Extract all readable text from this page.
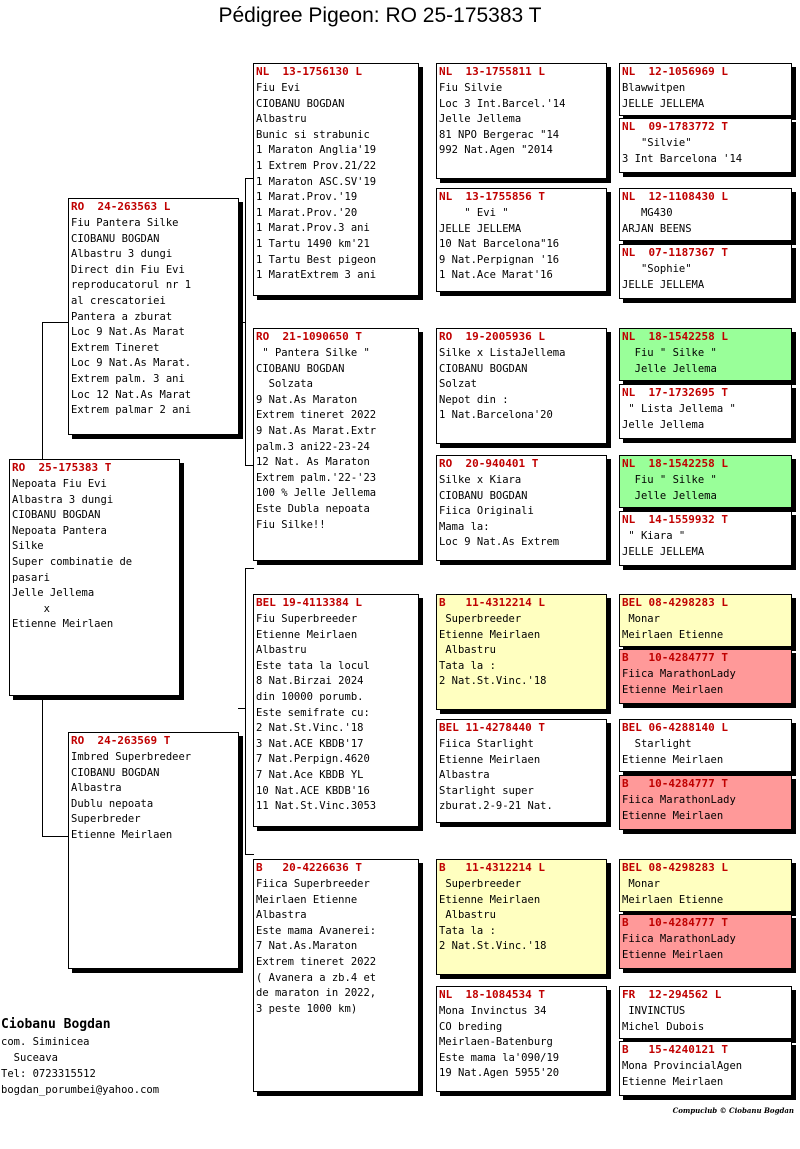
Pédigree Pigeon: RO 25-175383 T
RO  25-175383 T
Nepoata Fiu Evi
Albastra 3 dungi
CIOBANU BOGDAN
Nepoata Pantera
Silke
Super combinatie de
pasari
Jelle Jellema
x
Etienne Meirlaen
RO  24-263563 L
Fiu Pantera Silke
CIOBANU BOGDAN
Albastru 3 dungi
Direct din Fiu Evi
reproducatorul nr 1
al crescatoriei
Pantera a zburat
Loc 9 Nat.As Marat
Extrem Tineret
Loc 9 Nat.As Marat.
Extrem palm. 3 ani
Loc 12 Nat.As Marat
Extrem palmar 2 ani
RO  24-263569 T
Imbred Superbredeer
CIOBANU BOGDAN
Albastra
Dublu nepoata
Superbreder
Etienne Meirlaen
NL  13-1756130 L
Fiu Evi
CIOBANU BOGDAN
Albastru
Bunic si strabunic
1 Maraton Anglia'19
1 Extrem Prov.21/22
1 Maraton ASC.SV'19
1 Marat.Prov.'19
1 Marat.Prov.'20
1 Marat.Prov.3 ani
1 Tartu 1490 km'21
1 Tartu Best pigeon
1 MaratExtrem 3 ani
RO  21-1090650 T
" Pantera Silke "
CIOBANU BOGDAN
Solzata
9 Nat.As Maraton
Extrem tineret 2022
9 Nat.As Marat.Extr
palm.3 ani22-23-24
12 Nat. As Maraton
Extrem palm.'22-'23
100 % Jelle Jellema
Este Dubla nepoata
Fiu Silke!!
BEL 19-4113384 L
Fiu Superbreeder
Etienne Meirlaen
Albastru
Este tata la locul
8 Nat.Birzai 2024
din 10000 porumb.
Este semifrate cu:
2 Nat.St.Vinc.'18
3 Nat.ACE KBDB'17
7 Nat.Perpign.4620
7 Nat.Ace KBDB YL
10 Nat.ACE KBDB'16
11 Nat.St.Vinc.3053
B   20-4226636 T
Fiica Superbreeder
Meirlaen Etienne
Albastra
Este mama Avanerei:
7 Nat.As.Maraton
Extrem tineret 2022
( Avanera a zb.4 et
de maraton in 2022,
3 peste 1000 km)
NL  13-1755811 L
Fiu Silvie
Loc 3 Int.Barcel.'14
Jelle Jellema
81 NPO Bergerac "14
992 Nat.Agen "2014
NL  13-1755856 T
" Evi "
JELLE JELLEMA
10 Nat Barcelona"16
9 Nat.Perpignan '16
1 Nat.Ace Marat'16
RO  19-2005936 L
Silke x ListaJellema
CIOBANU BOGDAN
Solzat
Nepot din :
1 Nat.Barcelona'20
RO  20-940401 T
Silke x Kiara
CIOBANU BOGDAN
Fiica Originali
Mama la:
Loc 9 Nat.As Extrem
B   11-4312214 L
Superbreeder
Etienne Meirlaen
Albastru
Tata la :
2 Nat.St.Vinc.'18
BEL 11-4278440 T
Fiica Starlight
Etienne Meirlaen
Albastra
Starlight super
zburat.2-9-21 Nat.
B   11-4312214 L
Superbreeder
Etienne Meirlaen
Albastru
Tata la :
2 Nat.St.Vinc.'18
NL  18-1084534 T
Mona Invinctus 34
CO breding
Meirlaen-Batenburg
Este mama la'090/19
19 Nat.Agen 5955'20
NL  12-1056969 L
Blawwitpen
JELLE JELLEMA
NL  09-1783772 T
"Silvie"
3 Int Barcelona '14
NL  12-1108430 L
MG430
ARJAN BEENS
NL  07-1187367 T
"Sophie"
JELLE JELLEMA
NL  18-1542258 L
Fiu " Silke "
Jelle Jellema
NL  17-1732695 T
" Lista Jellema "
Jelle Jellema
NL  18-1542258 L
Fiu " Silke "
Jelle Jellema
NL  14-1559932 T
" Kiara "
JELLE JELLEMA
BEL 08-4298283 L
Monar
Meirlaen Etienne
B   10-4284777 T
Fiica MarathonLady
Etienne Meirlaen
BEL 06-4288140 L
Starlight
Etienne Meirlaen
B   10-4284777 T
Fiica MarathonLady
Etienne Meirlaen
BEL 08-4298283 L
Monar
Meirlaen Etienne
B   10-4284777 T
Fiica MarathonLady
Etienne Meirlaen
FR  12-294562 L
INVINCTUS
Michel Dubois
B   15-4240121 T
Mona ProvincialAgen
Etienne Meirlaen
Ciobanu Bogdan
com. Siminicea
Suceava
Tel: 0723315512
bogdan_porumbei@yahoo.com
Compuclub © Ciobanu Bogdan
